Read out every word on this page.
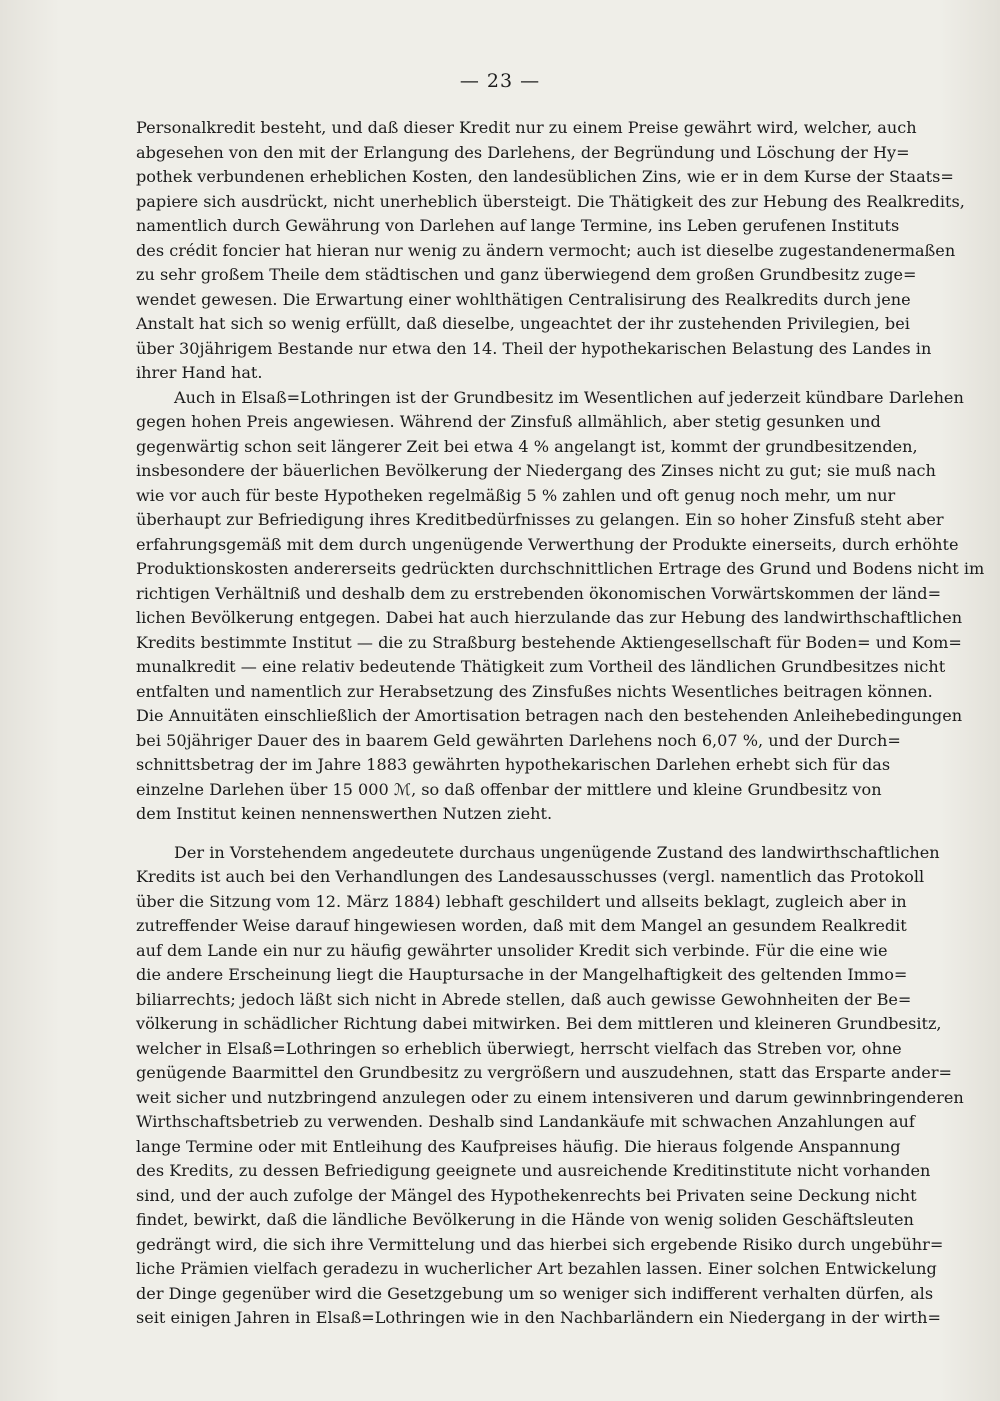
— 23 —
Personalkredit besteht, und daß dieser Kredit nur zu einem Preise gewährt wird, welcher, auch
abgesehen von den mit der Erlangung des Darlehens, der Begründung und Löschung der Hy=
pothek verbundenen erheblichen Kosten, den landesüblichen Zins, wie er in dem Kurse der Staats=
papiere sich ausdrückt, nicht unerheblich übersteigt. Die Thätigkeit des zur Hebung des Realkredits,
namentlich durch Gewährung von Darlehen auf lange Termine, ins Leben gerufenen Instituts
des crédit foncier hat hieran nur wenig zu ändern vermocht; auch ist dieselbe zugestandenermaßen
zu sehr großem Theile dem städtischen und ganz überwiegend dem großen Grundbesitz zuge=
wendet gewesen. Die Erwartung einer wohlthätigen Centralisirung des Realkredits durch jene
Anstalt hat sich so wenig erfüllt, daß dieselbe, ungeachtet der ihr zustehenden Privilegien, bei
über 30jährigem Bestande nur etwa den 14. Theil der hypothekarischen Belastung des Landes in
ihrer Hand hat.
Auch in Elsaß=Lothringen ist der Grundbesitz im Wesentlichen auf jederzeit kündbare Darlehen
gegen hohen Preis angewiesen. Während der Zinsfuß allmählich, aber stetig gesunken und
gegenwärtig schon seit längerer Zeit bei etwa 4 % angelangt ist, kommt der grundbesitzenden,
insbesondere der bäuerlichen Bevölkerung der Niedergang des Zinses nicht zu gut; sie muß nach
wie vor auch für beste Hypotheken regelmäßig 5 % zahlen und oft genug noch mehr, um nur
überhaupt zur Befriedigung ihres Kreditbedürfnisses zu gelangen. Ein so hoher Zinsfuß steht aber
erfahrungsgemäß mit dem durch ungenügende Verwerthung der Produkte einerseits, durch erhöhte
Produktionskosten andererseits gedrückten durchschnittlichen Ertrage des Grund und Bodens nicht im
richtigen Verhältniß und deshalb dem zu erstrebenden ökonomischen Vorwärtskommen der länd=
lichen Bevölkerung entgegen. Dabei hat auch hierzulande das zur Hebung des landwirthschaftlichen
Kredits bestimmte Institut — die zu Straßburg bestehende Aktiengesellschaft für Boden= und Kom=
munalkredit — eine relativ bedeutende Thätigkeit zum Vortheil des ländlichen Grundbesitzes nicht
entfalten und namentlich zur Herabsetzung des Zinsfußes nichts Wesentliches beitragen können.
Die Annuitäten einschließlich der Amortisation betragen nach den bestehenden Anleihebedingungen
bei 50jähriger Dauer des in baarem Geld gewährten Darlehens noch 6,07 %, und der Durch=
schnittsbetrag der im Jahre 1883 gewährten hypothekarischen Darlehen erhebt sich für das
einzelne Darlehen über 15 000 ℳ, so daß offenbar der mittlere und kleine Grundbesitz von
dem Institut keinen nennenswerthen Nutzen zieht.
Der in Vorstehendem angedeutete durchaus ungenügende Zustand des landwirthschaftlichen
Kredits ist auch bei den Verhandlungen des Landesausschusses (vergl. namentlich das Protokoll
über die Sitzung vom 12. März 1884) lebhaft geschildert und allseits beklagt, zugleich aber in
zutreffender Weise darauf hingewiesen worden, daß mit dem Mangel an gesundem Realkredit
auf dem Lande ein nur zu häufig gewährter unsolider Kredit sich verbinde. Für die eine wie
die andere Erscheinung liegt die Hauptursache in der Mangelhaftigkeit des geltenden Immo=
biliarrechts; jedoch läßt sich nicht in Abrede stellen, daß auch gewisse Gewohnheiten der Be=
völkerung in schädlicher Richtung dabei mitwirken. Bei dem mittleren und kleineren Grundbesitz,
welcher in Elsaß=Lothringen so erheblich überwiegt, herrscht vielfach das Streben vor, ohne
genügende Baarmittel den Grundbesitz zu vergrößern und auszudehnen, statt das Ersparte ander=
weit sicher und nutzbringend anzulegen oder zu einem intensiveren und darum gewinnbringenderen
Wirthschaftsbetrieb zu verwenden. Deshalb sind Landankäufe mit schwachen Anzahlungen auf
lange Termine oder mit Entleihung des Kaufpreises häufig. Die hieraus folgende Anspannung
des Kredits, zu dessen Befriedigung geeignete und ausreichende Kreditinstitute nicht vorhanden
sind, und der auch zufolge der Mängel des Hypothekenrechts bei Privaten seine Deckung nicht
findet, bewirkt, daß die ländliche Bevölkerung in die Hände von wenig soliden Geschäftsleuten
gedrängt wird, die sich ihre Vermittelung und das hierbei sich ergebende Risiko durch ungebühr=
liche Prämien vielfach geradezu in wucherlicher Art bezahlen lassen. Einer solchen Entwickelung
der Dinge gegenüber wird die Gesetzgebung um so weniger sich indifferent verhalten dürfen, als
seit einigen Jahren in Elsaß=Lothringen wie in den Nachbarländern ein Niedergang in der wirth=
